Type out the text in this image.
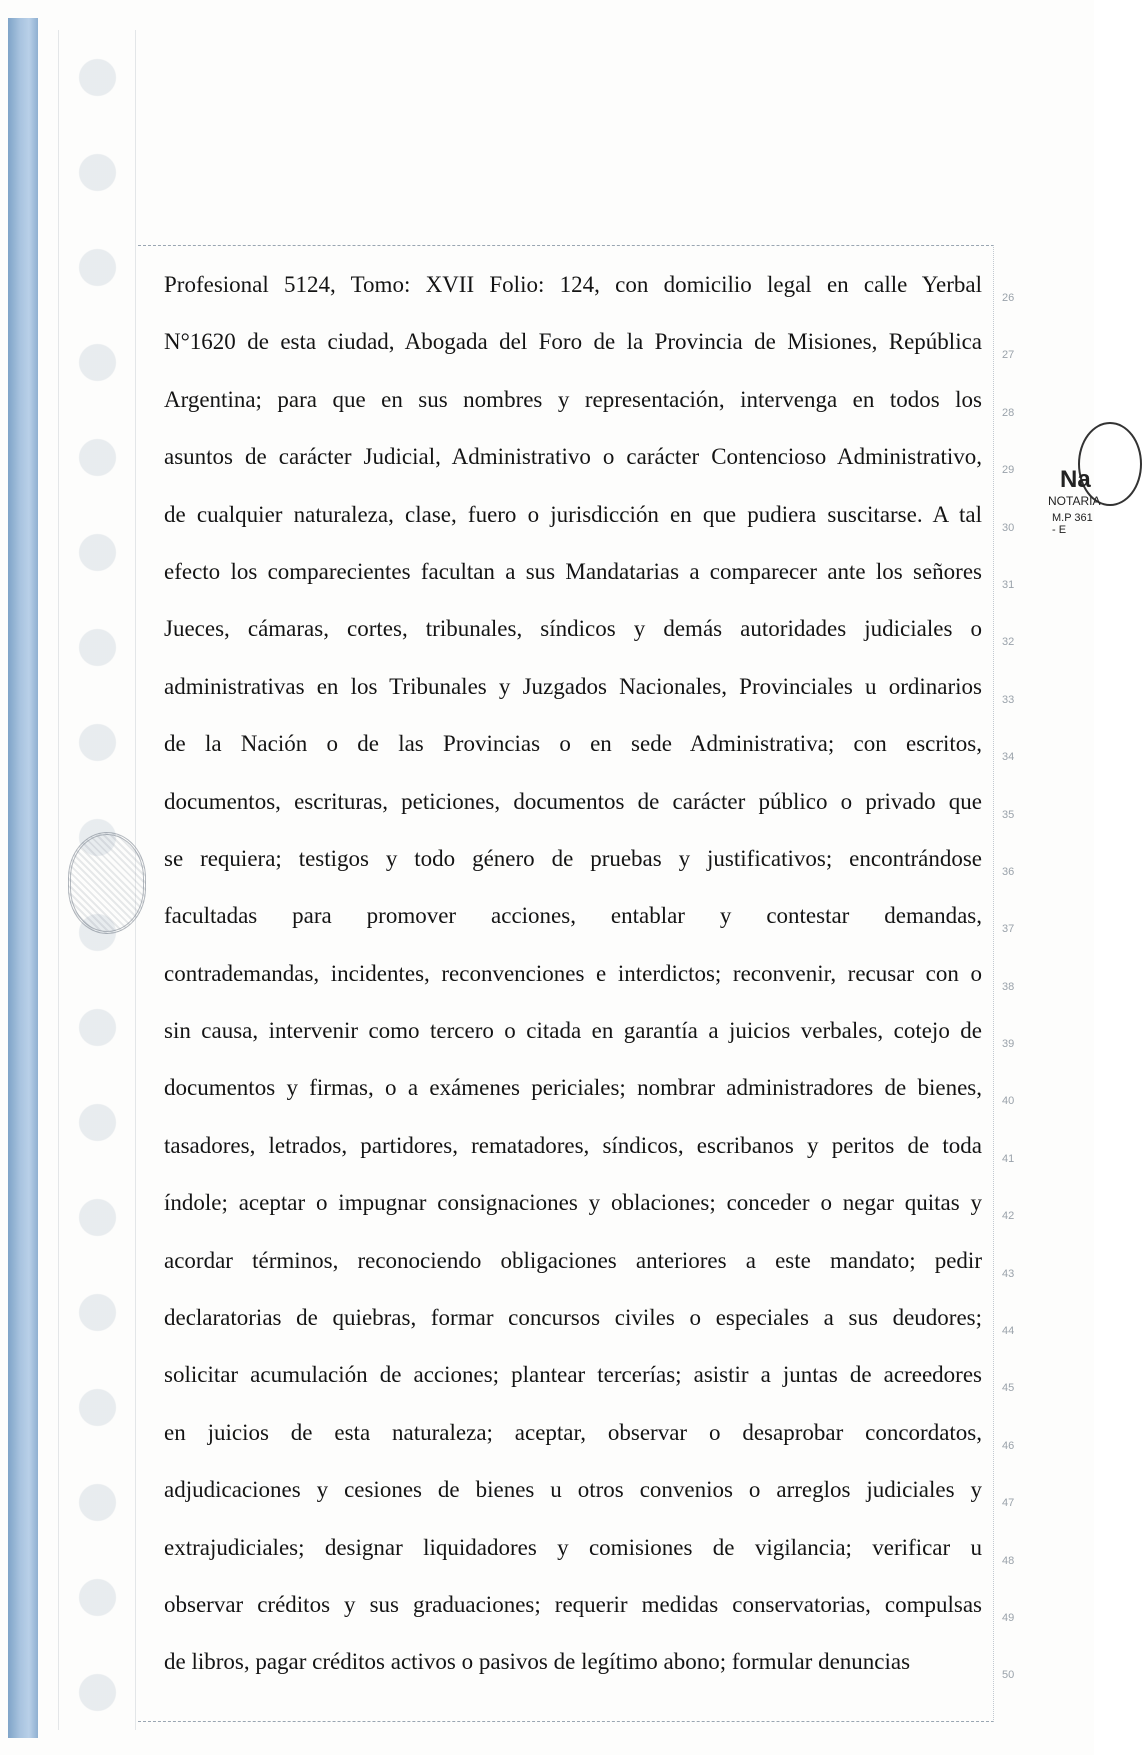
Profesional 5124, Tomo: XVII Folio: 124, con domicilio legal en calle Yerbal
N°1620 de esta ciudad, Abogada del Foro de la Provincia de Misiones, República
Argentina; para que en sus nombres y representación, intervenga en todos los
asuntos de carácter Judicial, Administrativo o carácter Contencioso Administrativo,
de cualquier naturaleza, clase, fuero o jurisdicción en que pudiera suscitarse. A tal
efecto los comparecientes facultan a sus Mandatarias a comparecer ante los señores
Jueces, cámaras, cortes, tribunales, síndicos y demás autoridades judiciales o
administrativas en los Tribunales y Juzgados Nacionales, Provinciales u ordinarios
de la Nación o de las Provincias o en sede Administrativa; con escritos,
documentos, escrituras, peticiones, documentos de carácter público o privado que
se requiera; testigos y todo género de pruebas y justificativos; encontrándose
facultadas para promover acciones, entablar y contestar demandas,
contrademandas, incidentes, reconvenciones e interdictos; reconvenir, recusar con o
sin causa, intervenir como tercero o citada en garantía a juicios verbales, cotejo de
documentos y firmas, o a exámenes periciales; nombrar administradores de bienes,
tasadores, letrados, partidores, rematadores, síndicos, escribanos y peritos de toda
índole; aceptar o impugnar consignaciones y oblaciones; conceder o negar quitas y
acordar términos, reconociendo obligaciones anteriores a este mandato; pedir
declaratorias de quiebras, formar concursos civiles o especiales a sus deudores;
solicitar acumulación de acciones; plantear tercerías; asistir a juntas de acreedores
en juicios de esta naturaleza; aceptar, observar o desaprobar concordatos,
adjudicaciones y cesiones de bienes u otros convenios o arreglos judiciales y
extrajudiciales; designar liquidadores y comisiones de vigilancia; verificar u
observar créditos y sus graduaciones; requerir medidas conservatorias, compulsas
de libros, pagar créditos activos o pasivos de legítimo abono; formular denuncias
26
27
28
29
30
31
32
33
34
35
36
37
38
39
40
41
42
43
44
45
46
47
48
49
50
Na
NOTARIA
M.P 361 - E
